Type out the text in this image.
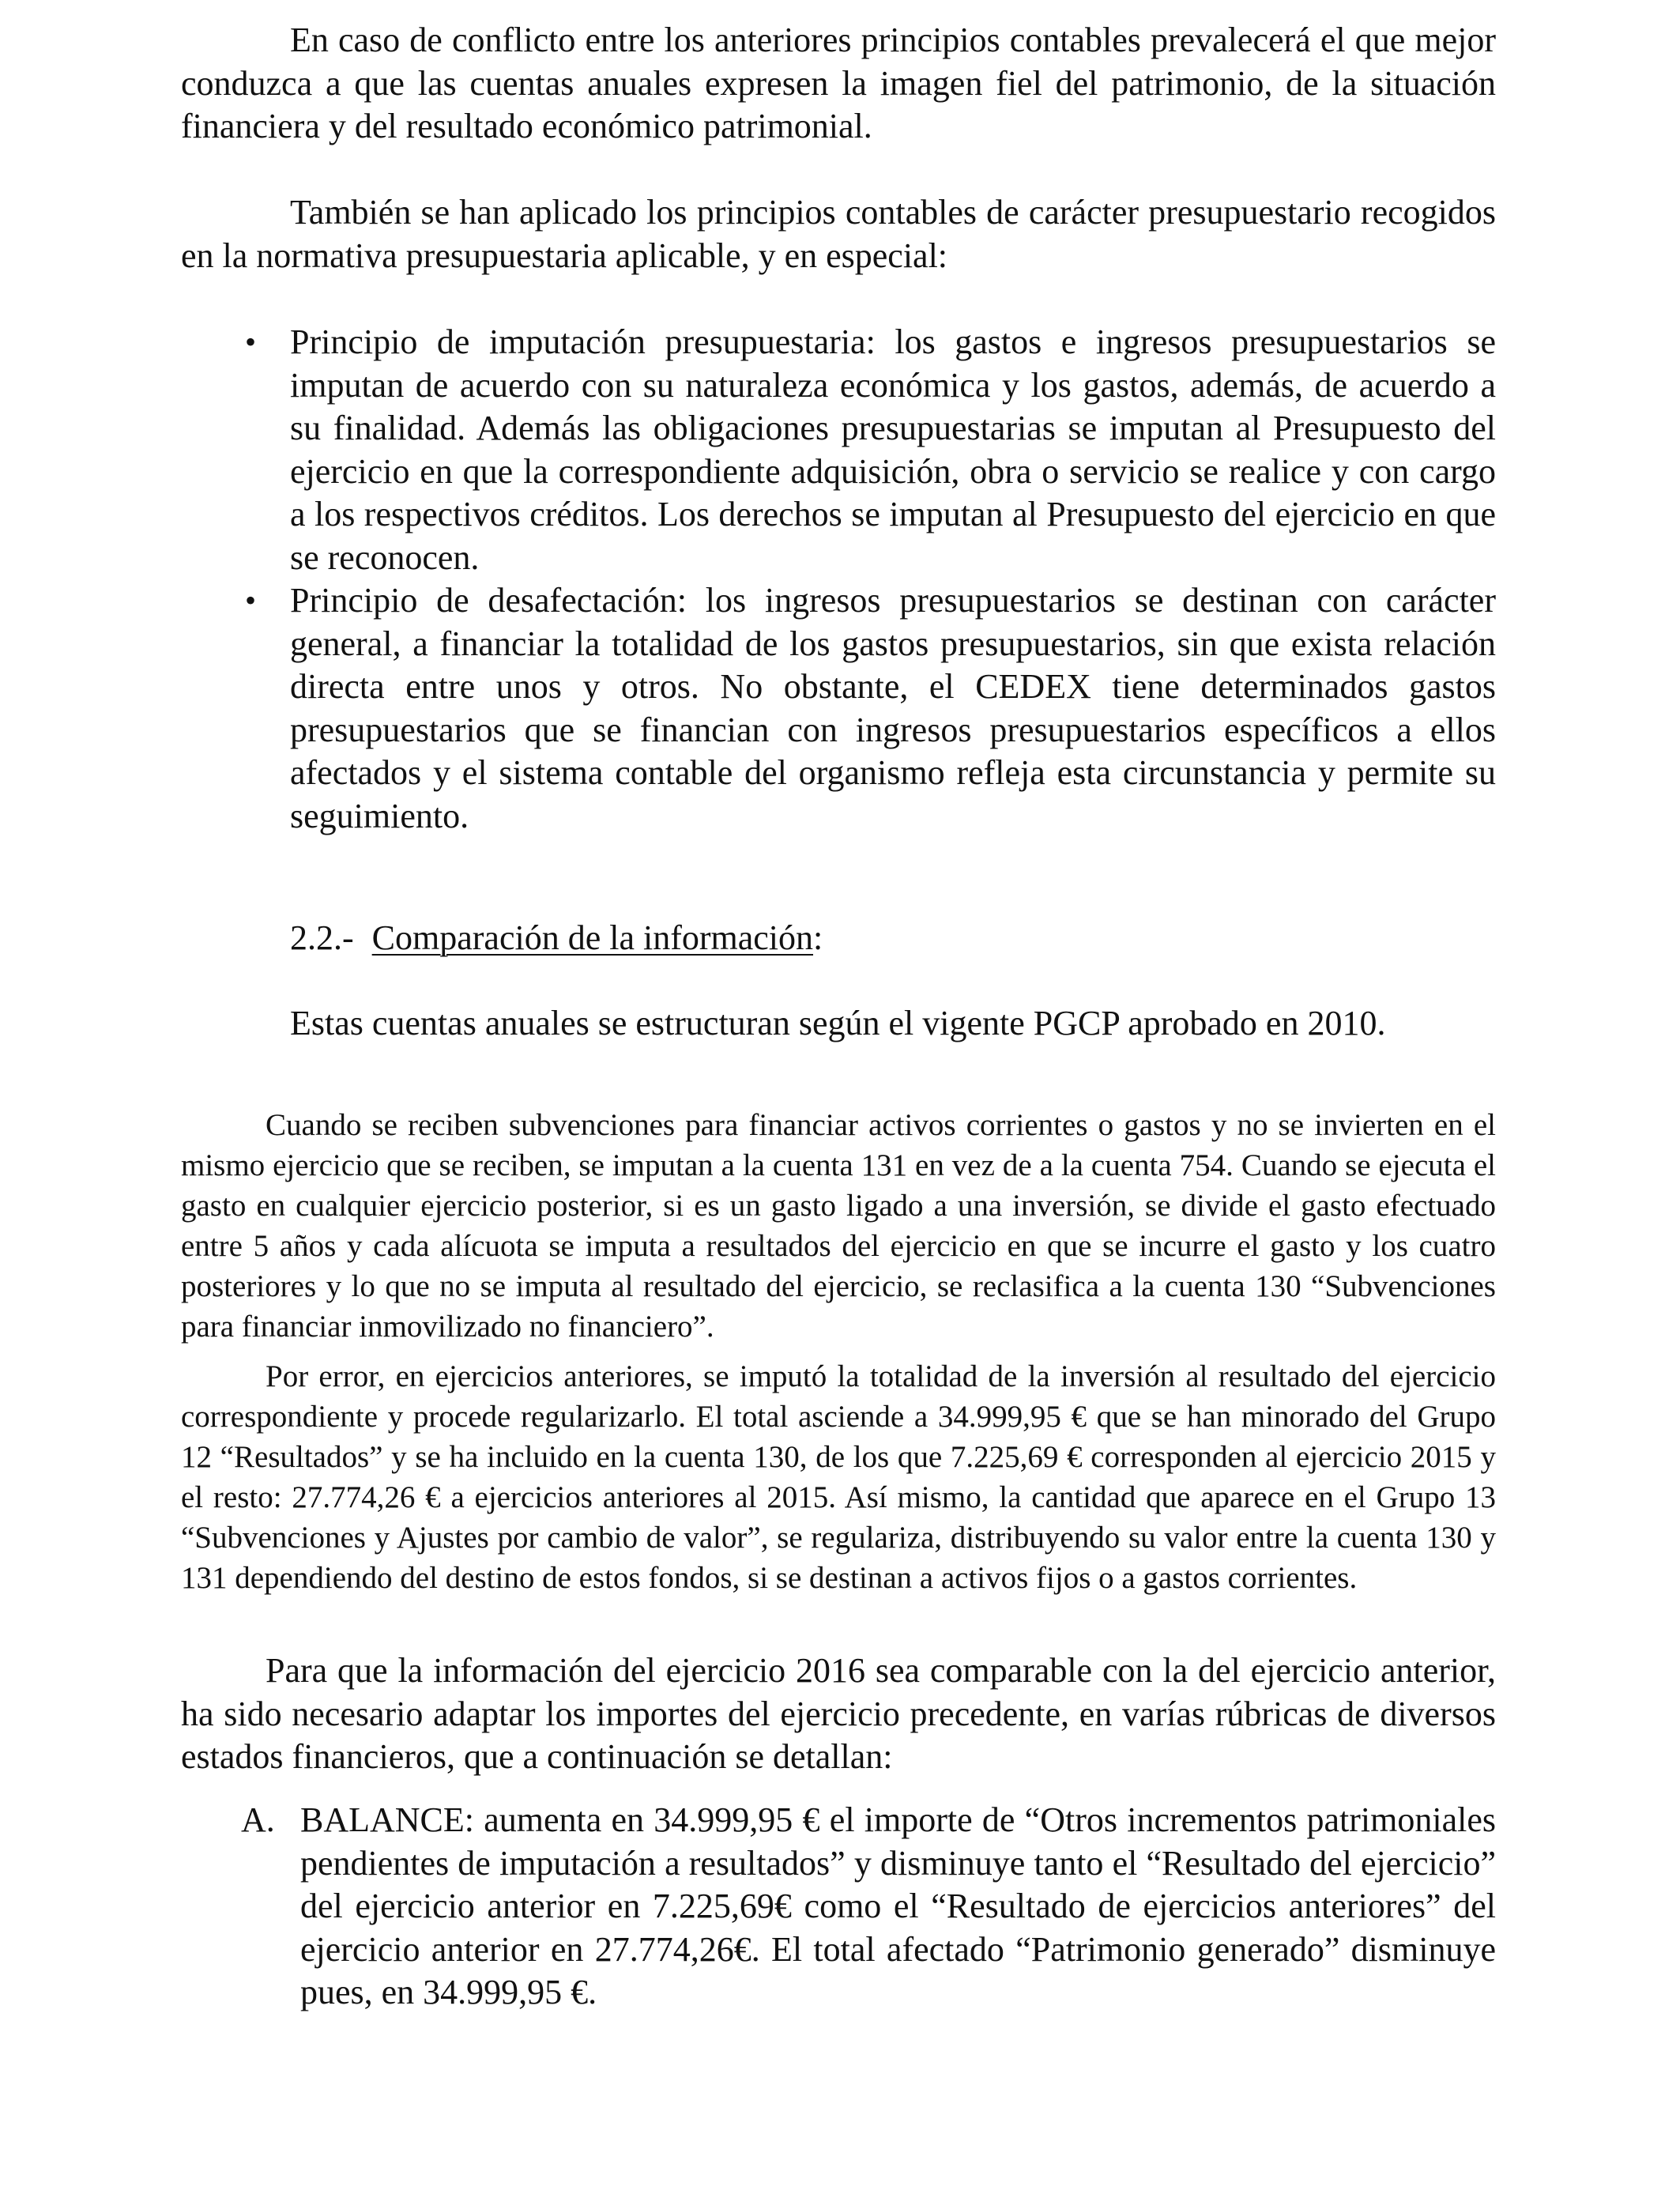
En caso de conflicto entre los anteriores principios contables prevalecerá el que mejor conduzca a que las cuentas anuales expresen la imagen fiel del patrimonio, de la situación financiera y del resultado económico patrimonial.

También se han aplicado los principios contables de carácter presupuestario recogidos en la normativa presupuestaria aplicable, y en especial:

• Principio de imputación presupuestaria: los gastos e ingresos presupuestarios se imputan de acuerdo con su naturaleza económica y los gastos, además, de acuerdo a su finalidad. Además las obligaciones presupuestarias se imputan al Presupuesto del ejercicio en que la correspondiente adquisición, obra o servicio se realice y con cargo a los respectivos créditos. Los derechos se imputan al Presupuesto del ejercicio en que se reconocen.

• Principio de desafectación: los ingresos presupuestarios se destinan con carácter general, a financiar la totalidad de los gastos presupuestarios, sin que exista relación directa entre unos y otros. No obstante, el CEDEX tiene determinados gastos presupuestarios que se financian con ingresos presupuestarios específicos a ellos afectados y el sistema contable del organismo refleja esta circunstancia y permite su seguimiento.

2.2.- Comparación de la información:

Estas cuentas anuales se estructuran según el vigente PGCP aprobado en 2010.

Cuando se reciben subvenciones para financiar activos corrientes o gastos y no se invierten en el mismo ejercicio que se reciben, se imputan a la cuenta 131 en vez de a la cuenta 754. Cuando se ejecuta el gasto en cualquier ejercicio posterior, si es un gasto ligado a una inversión, se divide el gasto efectuado entre 5 años y cada alícuota se imputa a resultados del ejercicio en que se incurre el gasto y los cuatro posteriores y lo que no se imputa al resultado del ejercicio, se reclasifica a la cuenta 130 “Subvenciones para financiar inmovilizado no financiero”.

Por error, en ejercicios anteriores, se imputó la totalidad de la inversión al resultado del ejercicio correspondiente y procede regularizarlo. El total asciende a 34.999,95 € que se han minorado del Grupo 12 “Resultados” y se ha incluido en la cuenta 130, de los que 7.225,69 € corresponden al ejercicio 2015 y el resto: 27.774,26 € a ejercicios anteriores al 2015. Así mismo, la cantidad que aparece en el Grupo 13 “Subvenciones y Ajustes por cambio de valor”, se regulariza, distribuyendo su valor entre la cuenta 130 y 131 dependiendo del destino de estos fondos, si se destinan a activos fijos o a gastos corrientes.

Para que la información del ejercicio 2016 sea comparable con la del ejercicio anterior, ha sido necesario adaptar los importes del ejercicio precedente, en varías rúbricas de diversos estados financieros, que a continuación se detallan:

A. BALANCE: aumenta en 34.999,95 € el importe de “Otros incrementos patrimoniales pendientes de imputación a resultados” y disminuye tanto el “Resultado del ejercicio” del ejercicio anterior en 7.225,69€ como el “Resultado de ejercicios anteriores” del ejercicio anterior en 27.774,26€. El total afectado “Patrimonio generado” disminuye pues, en 34.999,95 €.
